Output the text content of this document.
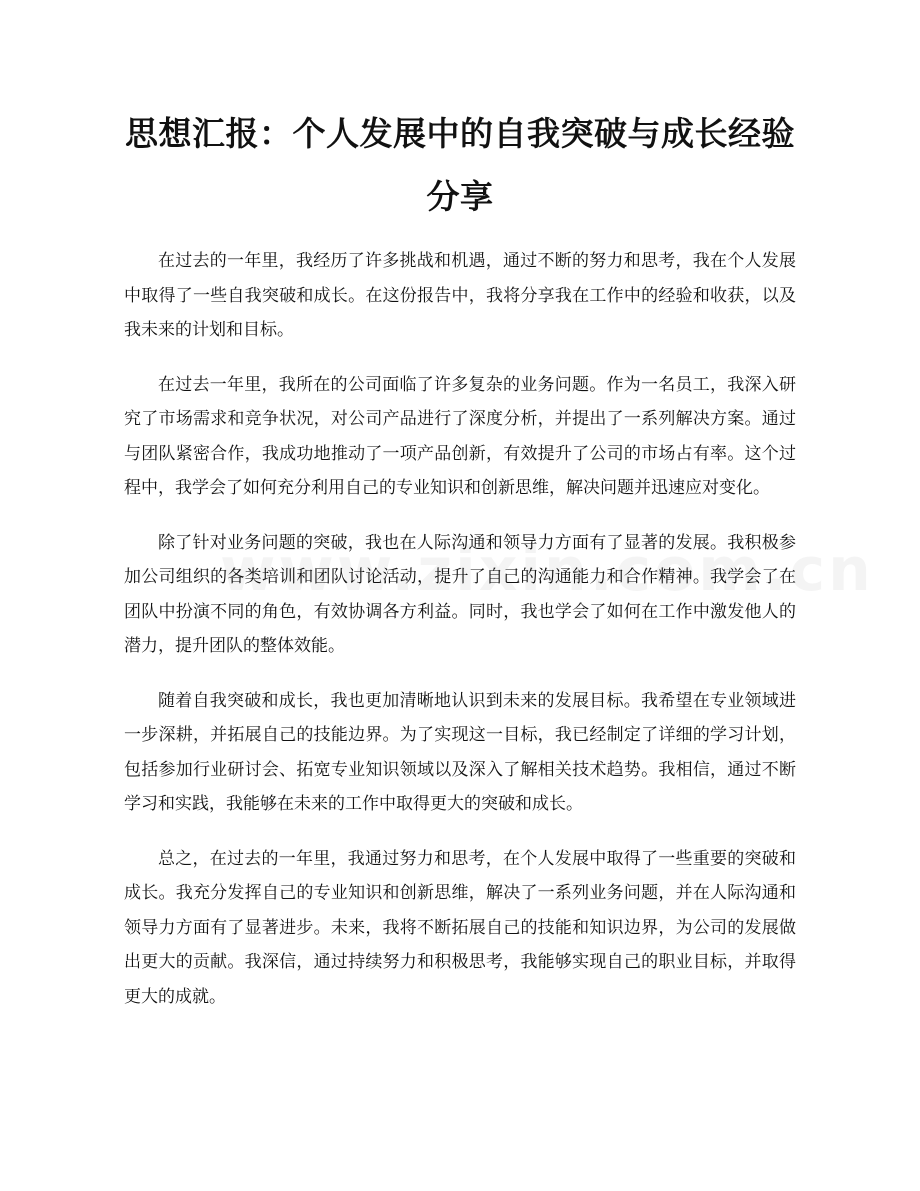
思想汇报：个人发展中的自我突破与成长经验分享

在过去的一年里，我经历了许多挑战和机遇，通过不断的努力和思考，我在个人发展中取得了一些自我突破和成长。在这份报告中，我将分享我在工作中的经验和收获，以及我未来的计划和目标。

在过去一年里，我所在的公司面临了许多复杂的业务问题。作为一名员工，我深入研究了市场需求和竞争状况，对公司产品进行了深度分析，并提出了一系列解决方案。通过与团队紧密合作，我成功地推动了一项产品创新，有效提升了公司的市场占有率。这个过程中，我学会了如何充分利用自己的专业知识和创新思维，解决问题并迅速应对变化。

除了针对业务问题的突破，我也在人际沟通和领导力方面有了显著的发展。我积极参加公司组织的各类培训和团队讨论活动，提升了自己的沟通能力和合作精神。我学会了在团队中扮演不同的角色，有效协调各方利益。同时，我也学会了如何在工作中激发他人的潜力，提升团队的整体效能。

随着自我突破和成长，我也更加清晰地认识到未来的发展目标。我希望在专业领域进一步深耕，并拓展自己的技能边界。为了实现这一目标，我已经制定了详细的学习计划，包括参加行业研讨会、拓宽专业知识领域以及深入了解相关技术趋势。我相信，通过不断学习和实践，我能够在未来的工作中取得更大的突破和成长。

总之，在过去的一年里，我通过努力和思考，在个人发展中取得了一些重要的突破和成长。我充分发挥自己的专业知识和创新思维，解决了一系列业务问题，并在人际沟通和领导力方面有了显著进步。未来，我将不断拓展自己的技能和知识边界，为公司的发展做出更大的贡献。我深信，通过持续努力和积极思考，我能够实现自己的职业目标，并取得更大的成就。
